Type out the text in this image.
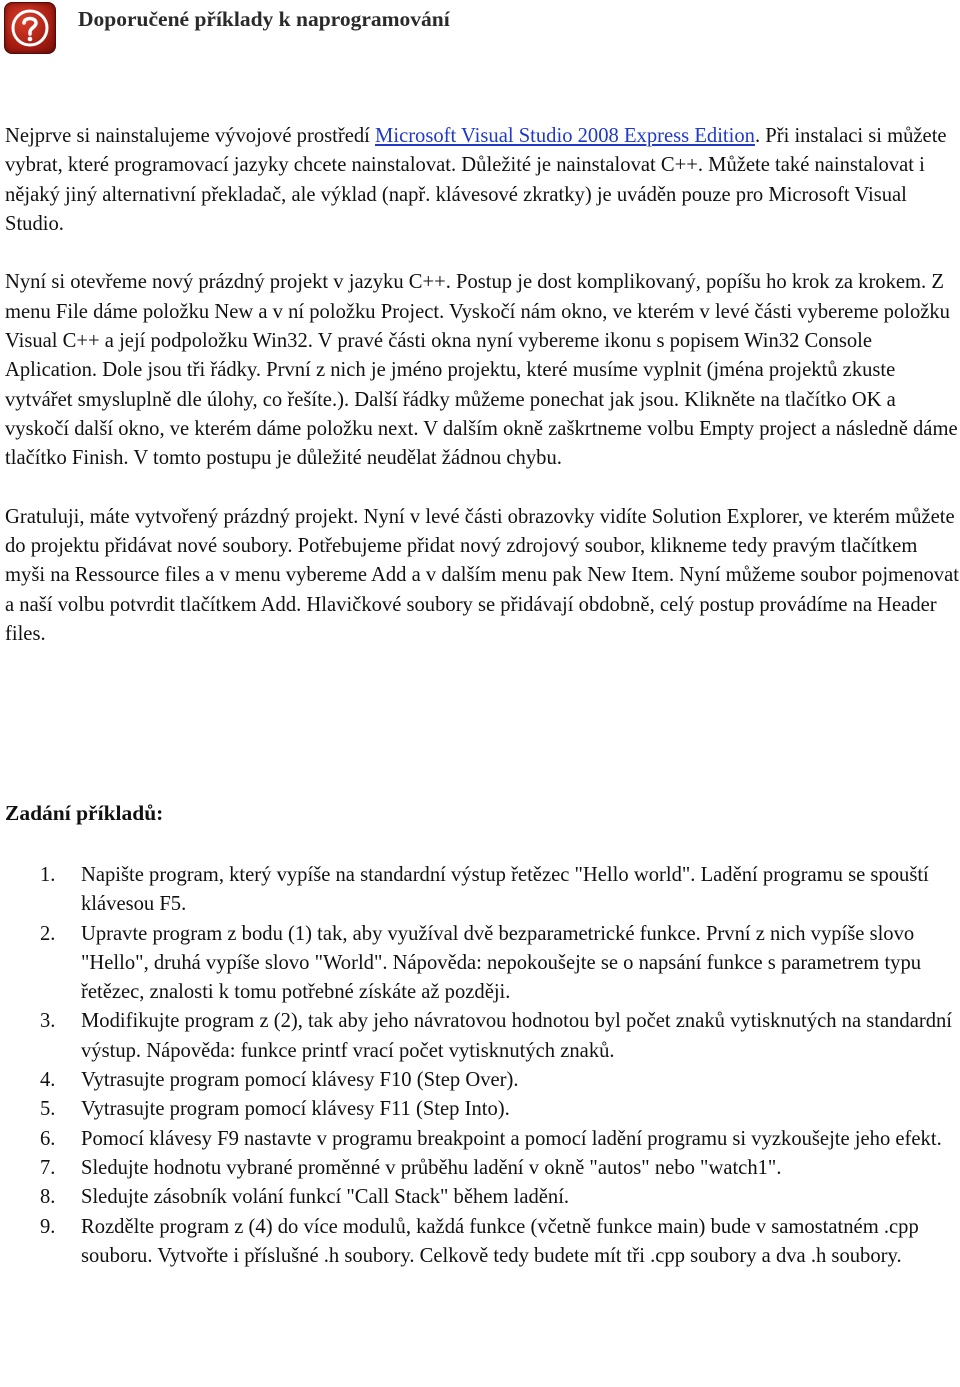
Doporučené příklady k naprogramování

Nejprve si nainstalujeme vývojové prostředí Microsoft Visual Studio 2008 Express Edition. Při instalaci si můžete vybrat, které programovací jazyky chcete nainstalovat. Důležité je nainstalovat C++. Můžete také nainstalovat i nějaký jiný alternativní překladač, ale výklad (např. klávesové zkratky) je uváděn pouze pro Microsoft Visual Studio.

Nyní si otevřeme nový prázdný projekt v jazyku C++. Postup je dost komplikovaný, popíšu ho krok za krokem. Z menu File dáme položku New a v ní položku Project. Vyskočí nám okno, ve kterém v levé části vybereme položku Visual C++ a její podpoložku Win32. V pravé části okna nyní vybereme ikonu s popisem Win32 Console Aplication. Dole jsou tři řádky. První z nich je jméno projektu, které musíme vyplnit (jména projektů zkuste vytvářet smysluplně dle úlohy, co řešíte.). Další řádky můžeme ponechat jak jsou. Klikněte na tlačítko OK a vyskočí další okno, ve kterém dáme položku next. V dalším okně zaškrtneme volbu Empty project a následně dáme tlačítko Finish. V tomto postupu je důležité neudělat žádnou chybu.

Gratuluji, máte vytvořený prázdný projekt. Nyní v levé části obrazovky vidíte Solution Explorer, ve kterém můžete do projektu přidávat nové soubory. Potřebujeme přidat nový zdrojový soubor, klikneme tedy pravým tlačítkem myši na Ressource files a v menu vybereme Add a v dalším menu pak New Item. Nyní můžeme soubor pojmenovat a naší volbu potvrdit tlačítkem Add. Hlavičkové soubory se přidávají obdobně, celý postup provádíme na Header files.

Zadání příkladů:
1. Napište program, který vypíše na standardní výstup řetězec "Hello world". Ladění programu se spouští klávesou F5.
2. Upravte program z bodu (1) tak, aby využíval dvě bezparametrické funkce. První z nich vypíše slovo "Hello", druhá vypíše slovo "World". Nápověda: nepokoušejte se o napsání funkce s parametrem typu řetězec, znalosti k tomu potřebné získáte až později.
3. Modifikujte program z (2), tak aby jeho návratovou hodnotou byl počet znaků vytisknutých na standardní výstup. Nápověda: funkce printf vrací počet vytisknutých znaků.
4. Vytrasujte program pomocí klávesy F10 (Step Over).
5. Vytrasujte program pomocí klávesy F11 (Step Into).
6. Pomocí klávesy F9 nastavte v programu breakpoint a pomocí ladění programu si vyzkoušejte jeho efekt.
7. Sledujte hodnotu vybrané proměnné v průběhu ladění v okně "autos" nebo "watch1".
8. Sledujte zásobník volání funkcí "Call Stack" během ladění.
9. Rozdělte program z (4) do více modulů, každá funkce (včetně funkce main) bude v samostatném .cpp souboru. Vytvořte i příslušné .h soubory. Celkově tedy budete mít tři .cpp soubory a dva .h soubory.
